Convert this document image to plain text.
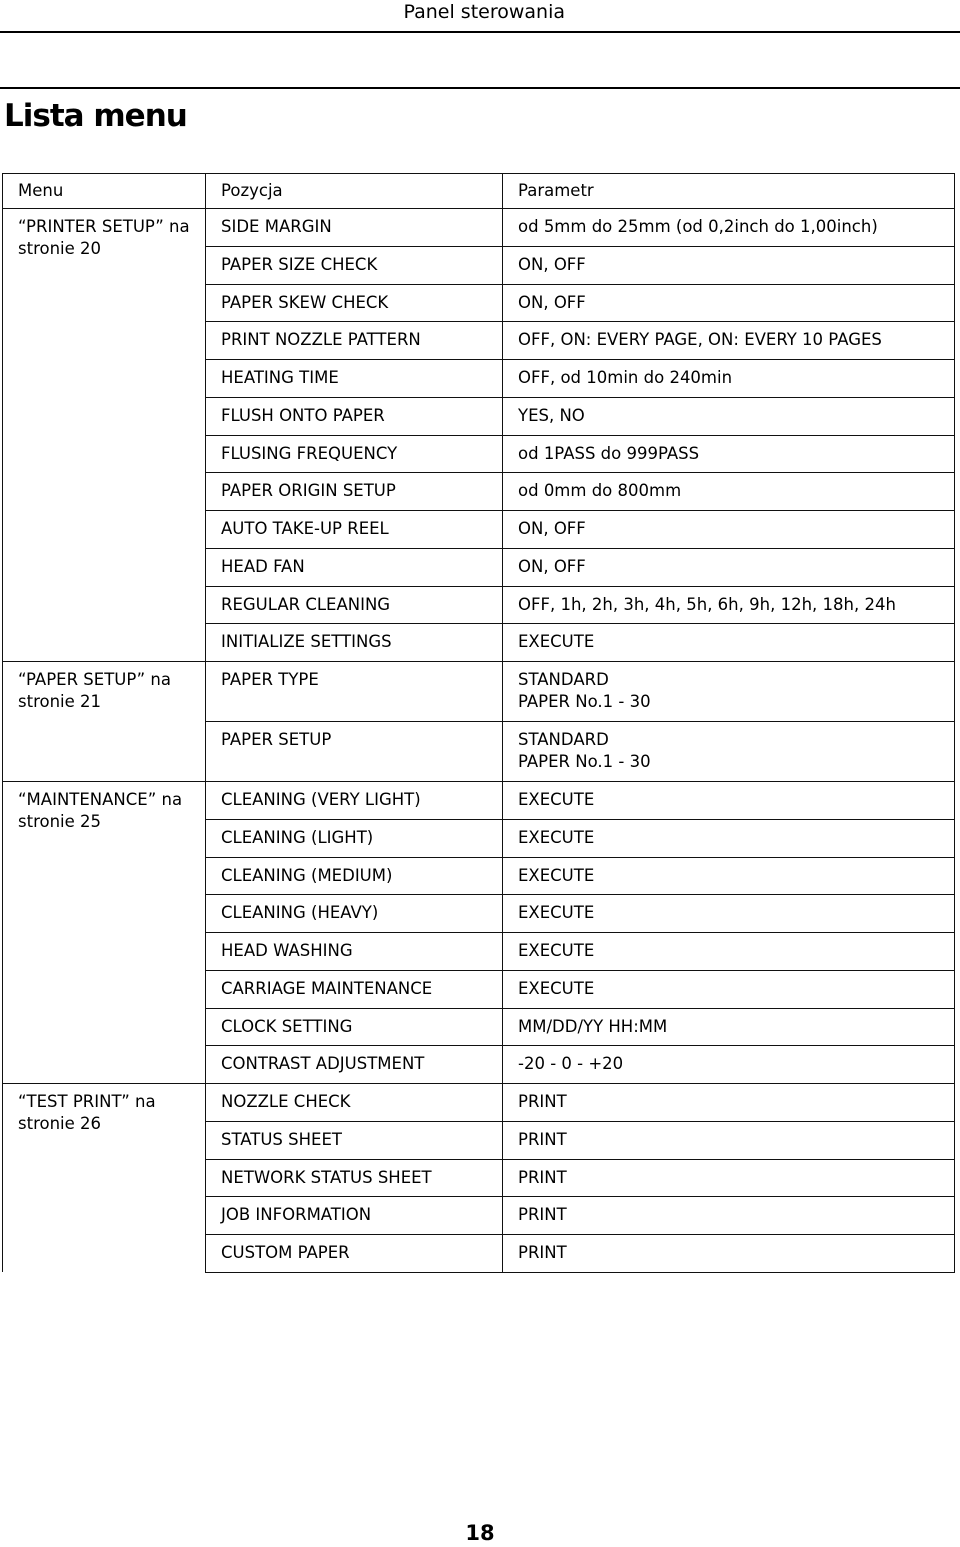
Panel sterowania
Lista menu
Menu	Pozycja	Parametr
“PRINTER SETUP” na stronie 20	SIDE MARGIN	od 5mm do 25mm (od 0,2inch do 1,00inch)
	PAPER SIZE CHECK	ON, OFF
	PAPER SKEW CHECK	ON, OFF
	PRINT NOZZLE PATTERN	OFF, ON: EVERY PAGE, ON: EVERY 10 PAGES
	HEATING TIME	OFF, od 10min do 240min
	FLUSH ONTO PAPER	YES, NO
	FLUSING FREQUENCY	od 1PASS do 999PASS
	PAPER ORIGIN SETUP	od 0mm do 800mm
	AUTO TAKE-UP REEL	ON, OFF
	HEAD FAN	ON, OFF
	REGULAR CLEANING	OFF, 1h, 2h, 3h, 4h, 5h, 6h, 9h, 12h, 18h, 24h
	INITIALIZE SETTINGS	EXECUTE
“PAPER SETUP” na stronie 21	PAPER TYPE	STANDARD
PAPER No.1 - 30

	PAPER SETUP	STANDARD
PAPER No.1 - 30

“MAINTENANCE” na stronie 25	CLEANING (VERY LIGHT)	EXECUTE
	CLEANING (LIGHT)	EXECUTE
	CLEANING (MEDIUM)	EXECUTE
	CLEANING (HEAVY)	EXECUTE
	HEAD WASHING	EXECUTE
	CARRIAGE MAINTENANCE	EXECUTE
	CLOCK SETTING	MM/DD/YY HH:MM
	CONTRAST ADJUSTMENT	-20 - 0 - +20
“TEST PRINT” na stronie 26	NOZZLE CHECK	PRINT
	STATUS SHEET	PRINT
	NETWORK STATUS SHEET	PRINT
	JOB INFORMATION	PRINT
	CUSTOM PAPER	PRINT
18
